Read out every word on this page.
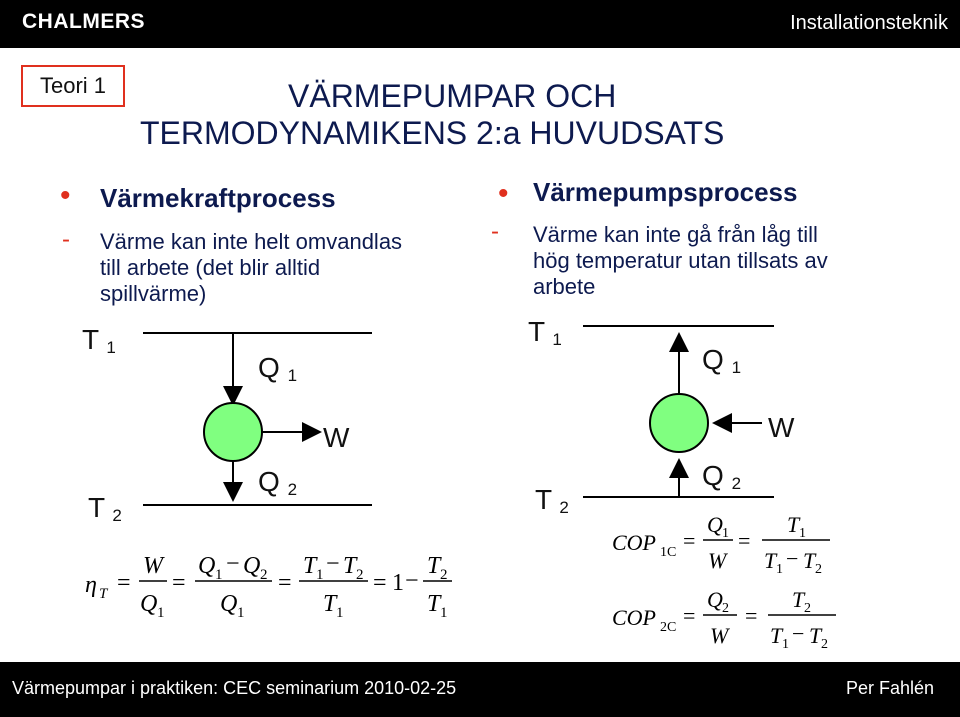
CHALMERS	Installationsteknik
Teori 1	VÄRMEPUMPAR OCH
TERMODYNAMIKENS 2:a HUVUDSATS
• Värmekraftprocess
- Värme kan inte helt omvandlas
till arbete (det blir alltid
spillvärme)
T $_1$
Q $_1$
W
Q $_2$
T $_2$
• Värmepumpsprocess
- Värme kan inte gå från låg till
hög temperatur utan tillsats av
arbete
T $_1$
Q $_1$
W
Q $_2$
T $_2$
η T =
W
Q 1
=
Q 1 − Q 2
Q 1
=
T 1 − T 2
T 1
= 1 −
T 2
T 1
COP 1C =
Q 1
W
=
T 1
T 1 − T 2
COP 2C =
Q 2
W
=
T 2
T 1 − T 2
Värmepumpar i praktiken: CEC seminarium 2010-02-25	Per Fahlén
